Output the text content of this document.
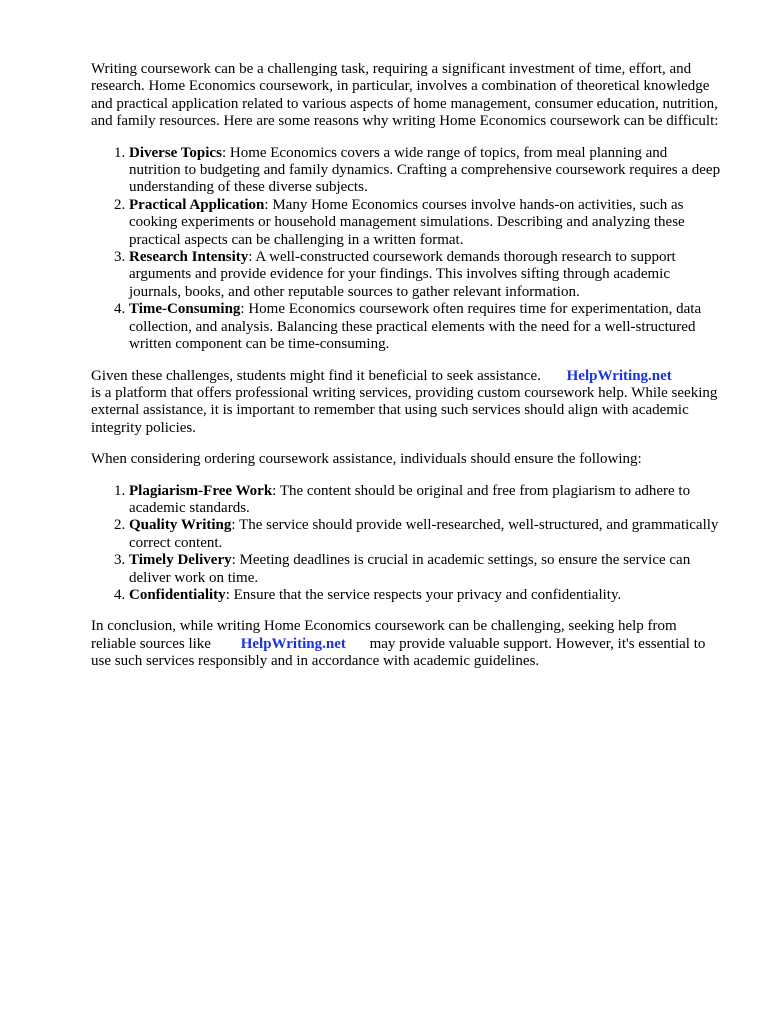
Writing coursework can be a challenging task, requiring a significant investment of time, effort, and research. Home Economics coursework, in particular, involves a combination of theoretical knowledge and practical application related to various aspects of home management, consumer education, nutrition, and family resources. Here are some reasons why writing Home Economics coursework can be difficult:

1. Diverse Topics: Home Economics covers a wide range of topics, from meal planning and nutrition to budgeting and family dynamics. Crafting a comprehensive coursework requires a deep understanding of these diverse subjects.
2. Practical Application: Many Home Economics courses involve hands-on activities, such as cooking experiments or household management simulations. Describing and analyzing these practical aspects can be challenging in a written format.
3. Research Intensity: A well-constructed coursework demands thorough research to support arguments and provide evidence for your findings. This involves sifting through academic journals, books, and other reputable sources to gather relevant information.
4. Time-Consuming: Home Economics coursework often requires time for experimentation, data collection, and analysis. Balancing these practical elements with the need for a well-structured written component can be time-consuming.

Given these challenges, students might find it beneficial to seek assistance. HelpWriting.net
is a platform that offers professional writing services, providing custom coursework help. While seeking external assistance, it is important to remember that using such services should align with academic integrity policies.

When considering ordering coursework assistance, individuals should ensure the following:

1. Plagiarism-Free Work: The content should be original and free from plagiarism to adhere to academic standards.
2. Quality Writing: The service should provide well-researched, well-structured, and grammatically correct content.
3. Timely Delivery: Meeting deadlines is crucial in academic settings, so ensure the service can deliver work on time.
4. Confidentiality: Ensure that the service respects your privacy and confidentiality.

In conclusion, while writing Home Economics coursework can be challenging, seeking help from reliable sources like HelpWriting.net may provide valuable support. However, it's essential to use such services responsibly and in accordance with academic guidelines.
